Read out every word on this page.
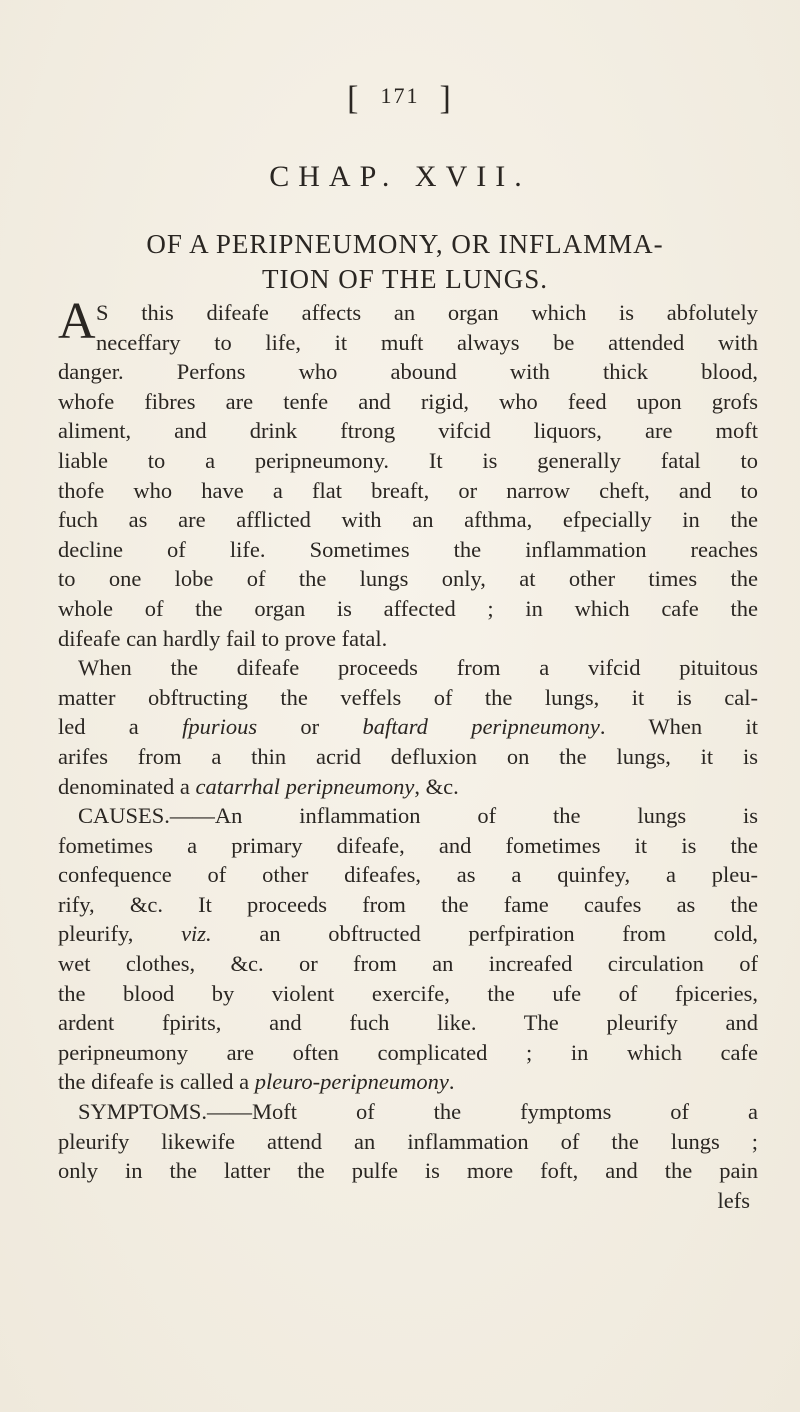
[ $^{171}$ ]
CHAP. XVII.
OF A PERIPNEUMONY, OR INFLAMMA-
TION OF THE LUNGS.
A S this difeafe affects an organ which is abfolutely
neceffary to life, it muft always be attended with
danger. Perfons who abound with thick blood,
whofe fibres are tenfe and rigid, who feed upon grofs
aliment, and drink ftrong vifcid liquors, are moft
liable to a peripneumony. It is generally fatal to
thofe who have a flat breaft, or narrow cheft, and to
fuch as are afflicted with an afthma, efpecially in the
decline of life. Sometimes the inflammation reaches
to one lobe of the lungs only, at other times the
whole of the organ is affected ; in which cafe the
difeafe can hardly fail to prove fatal.
When the difeafe proceeds from a vifcid pituitous
matter obftructing the veffels of the lungs, it is cal-
led a fpurious or baftard peripneumony. When it
arifes from a thin acrid defluxion on the lungs, it is
denominated a catarrhal peripneumony, &c.
CAUSES.——An inflammation of the lungs is
fometimes a primary difeafe, and fometimes it is the
confequence of other difeafes, as a quinfey, a pleu-
rify, &c. It proceeds from the fame caufes as the
pleurify, viz. an obftructed perfpiration from cold,
wet clothes, &c. or from an increafed circulation of
the blood by violent exercife, the ufe of fpiceries,
ardent fpirits, and fuch like. The pleurify and
peripneumony are often complicated ; in which cafe
the difeafe is called a pleuro-peripneumony.
SYMPTOMS.——Moft of the fymptoms of a
pleurify likewife attend an inflammation of the lungs ;
only in the latter the pulfe is more foft, and the pain
lefs
